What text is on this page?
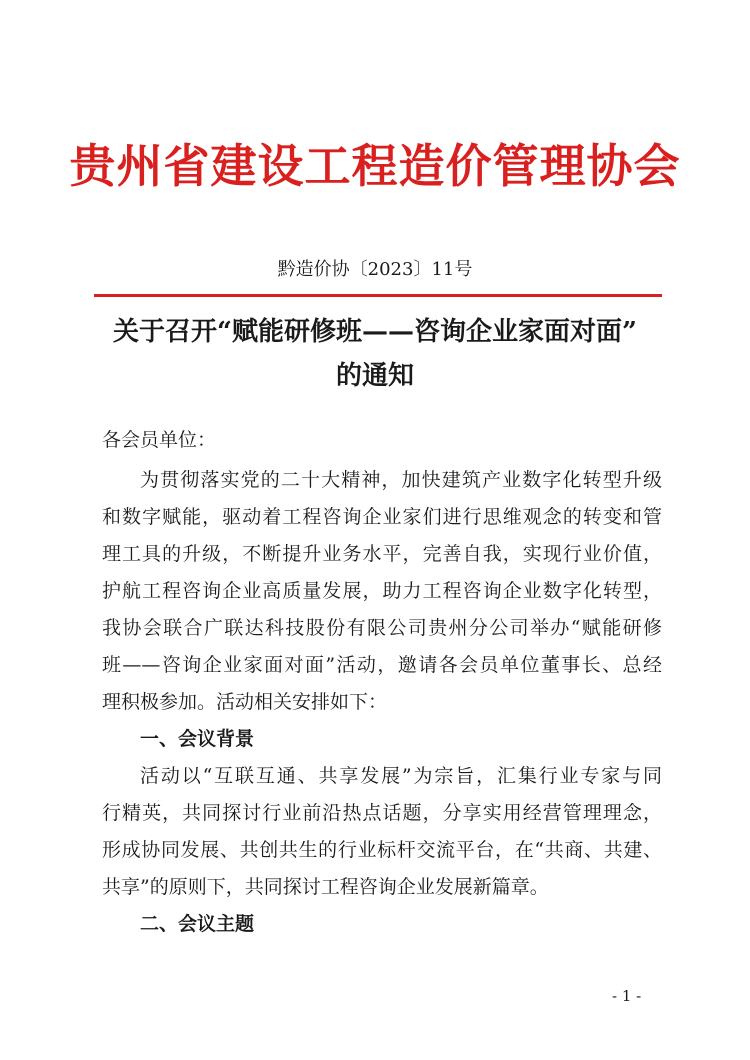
贵州省建设工程造价管理协会
黔造价协〔2023〕11号
关于召开“赋能研修班——咨询企业家面对面”
的通知
各会员单位：
为贯彻落实党的二十大精神，加快建筑产业数字化转型升级
和数字赋能，驱动着工程咨询企业家们进行思维观念的转变和管
理工具的升级，不断提升业务水平，完善自我，实现行业价值，
护航工程咨询企业高质量发展，助力工程咨询企业数字化转型，
我协会联合广联达科技股份有限公司贵州分公司举办“赋能研修
班——咨询企业家面对面”活动，邀请各会员单位董事长、总经
理积极参加。活动相关安排如下：
一、会议背景
活动以“互联互通、共享发展”为宗旨，汇集行业专家与同
行精英，共同探讨行业前沿热点话题，分享实用经营管理理念，
形成协同发展、共创共生的行业标杆交流平台，在“共商、共建、
共享”的原则下，共同探讨工程咨询企业发展新篇章。
二、会议主题
- 1 -
